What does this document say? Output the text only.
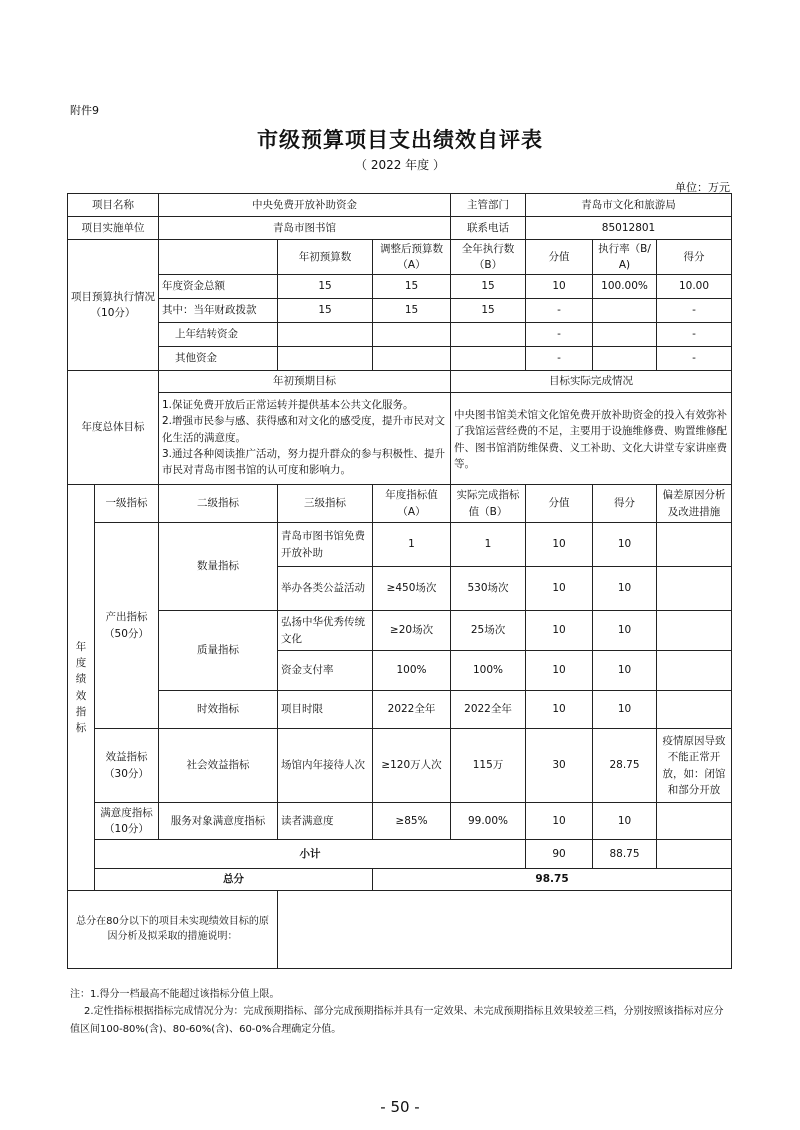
附件9
市级预算项目支出绩效自评表
（ 2022 年度 ）
单位：万元
项目名称		中央免费开放补助资金			主管部门	青岛市文化和旅游局		
项目实施单位		青岛市图书馆			联系电话	85012801		
项目预算执行情况（10分）			年初预算数	调整后预算数（A）	全年执行数（B）	分值	执行率（B/A)	得分
		年度资金总额	15	15	15	10	100.00%	10.00
		其中：当年财政拨款	15	15	15	-		-
		上年结转资金				-		-
		其他资金				-		-
年度总体目标		年初预期目标			目标实际完成情况			

		1.保证免费开放后正常运转并提供基本公共文化服务。
2.增强市民参与感、获得感和对文化的感受度，提升市民对文化生活的满意度。
3.通过各种阅读推广活动，努力提升群众的参与积极性、提升市民对青岛市图书馆的认可度和影响力。			中央图书馆美术馆文化馆免费开放补助资金的投入有效弥补了我馆运营经费的不足，主要用于设施维修费、购置维修配件、图书馆消防维保费、义工补助、文化大讲堂专家讲座费等。			
年度绩效指标	一级指标	二级指标	三级指标	年度指标值（A）	实际完成指标值（B）	分值	得分	偏差原因分析及改进措施
	产出指标（50分）	数量指标	青岛市图书馆免费开放补助	1	1	10	10	
			举办各类公益活动	≥450场次	530场次	10	10	
		质量指标	弘扬中华优秀传统文化	≥20场次	25场次	10	10	
			资金支付率	100%	100%	10	10	
		时效指标	项目时限	2022全年	2022全年	10	10	
	效益指标（30分）	社会效益指标	场馆内年接待人次	≥120万人次	115万	30	28.75	疫情原因导致不能正常开放，如：闭馆和部分开放
	满意度指标（10分）	服务对象满意度指标	读者满意度	≥85%	99.00%	10	10	
	小计					90	88.75	
	总分			98.75				
总分在80分以下的项目未实现绩效目标的原因分析及拟采取的措施说明：								
注：1.得分一档最高不能超过该指标分值上限。
2.定性指标根据指标完成情况分为：完成预期指标、部分完成预期指标并具有一定效果、未完成预期指标且效果较差三档，分别按照该指标对应分值区间100-80%(含)、80-60%(含)、60-0%合理确定分值。
- 50 -
